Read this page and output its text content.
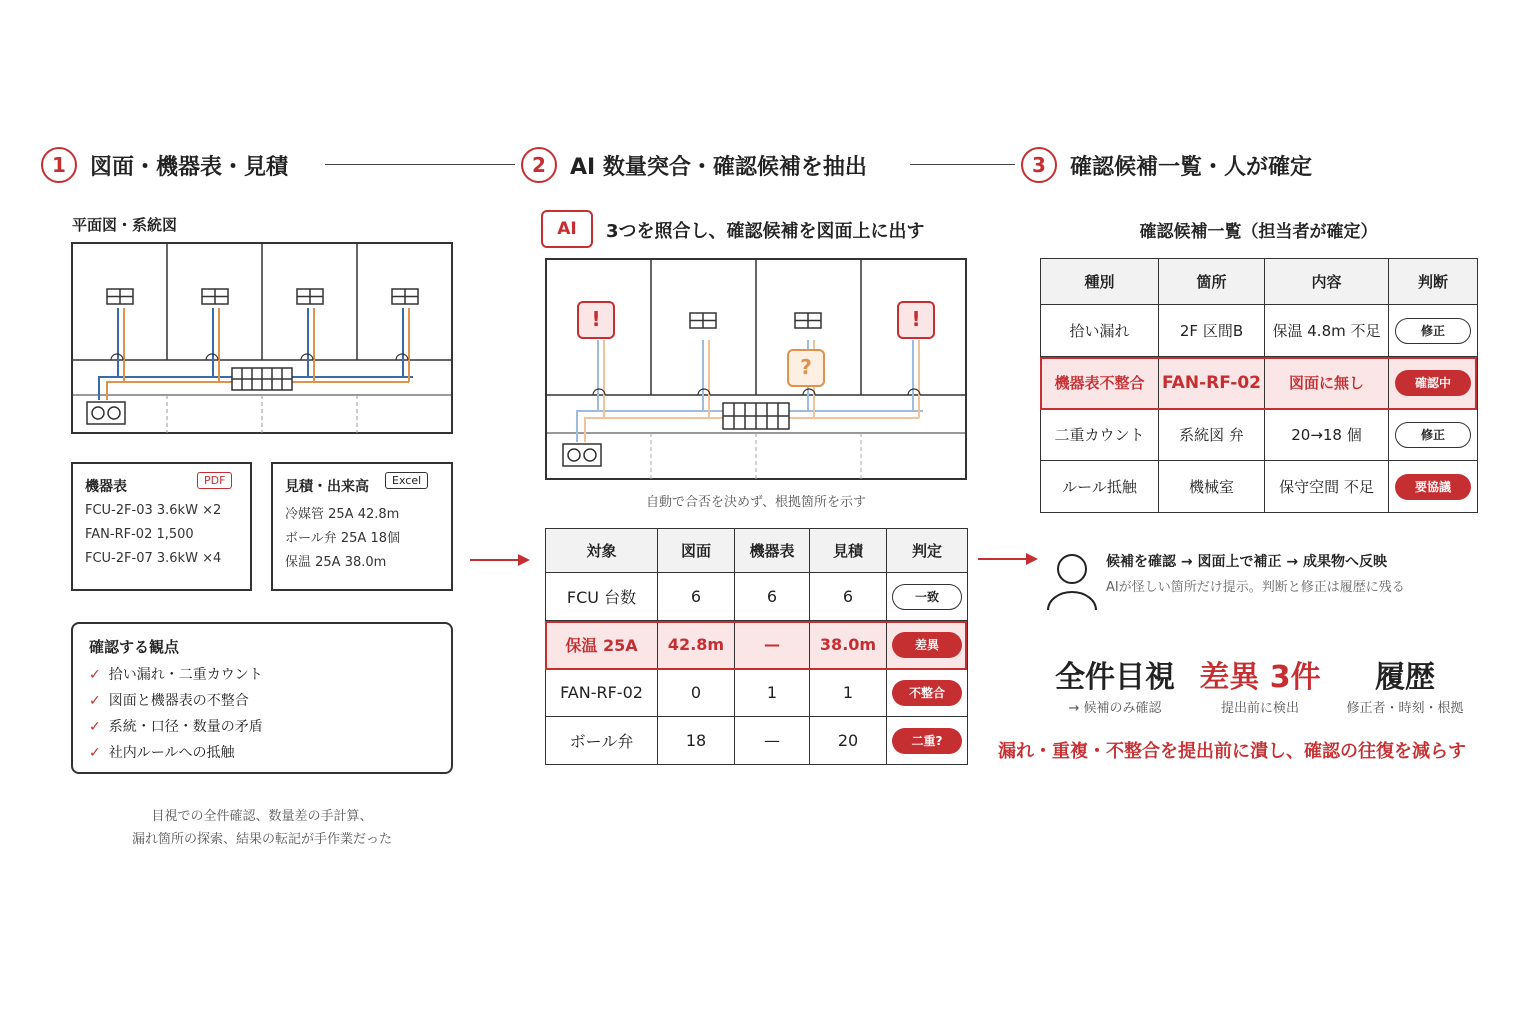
1	図面・機器表・見積	2	AI 数量突合・確認候補を抽出	3	確認候補一覧・人が確定
平面図・系統図
機器表	PDF
FCU-2F-03 3.6kW ×2
FAN-RF-02 1,500
FCU-2F-07 3.6kW ×4
見積・出来高	Excel
冷媒管 25A 42.8m
ボール弁 25A 18個
保温 25A 38.0m
確認する観点
✓ 拾い漏れ・二重カウント
✓ 図面と機器表の不整合
✓ 系統・口径・数量の矛盾
✓ 社内ルールへの抵触
目視での全件確認、数量差の手計算、
漏れ箇所の探索、結果の転記が手作業だった
AI	3つを照合し、確認候補を図面上に出す
!	!
?
自動で合否を決めず、根拠箇所を示す
対象	図面	機器表	見積	判定
FCU 台数	6	6	6	一致
保温 25A	42.8m	—	38.0m	差異
FAN-RF-02	0	1	1	不整合
ボール弁	18	—	20	二重?
確認候補一覧（担当者が確定）
種別	箇所	内容	判断
拾い漏れ	2F 区間B	保温 4.8m 不足	修正
機器表不整合	FAN-RF-02	図面に無し	確認中
二重カウント	系統図 弁	20→18 個	修正
ルール抵触	機械室	保守空間 不足	要協議
候補を確認 → 図面上で補正 → 成果物へ反映
AIが怪しい箇所だけ提示。判断と修正は履歴に残る
全件目視
→ 候補のみ確認
差異 3件
提出前に検出
履歴
修正者・時刻・根拠
漏れ・重複・不整合を提出前に潰し、確認の往復を減らす
